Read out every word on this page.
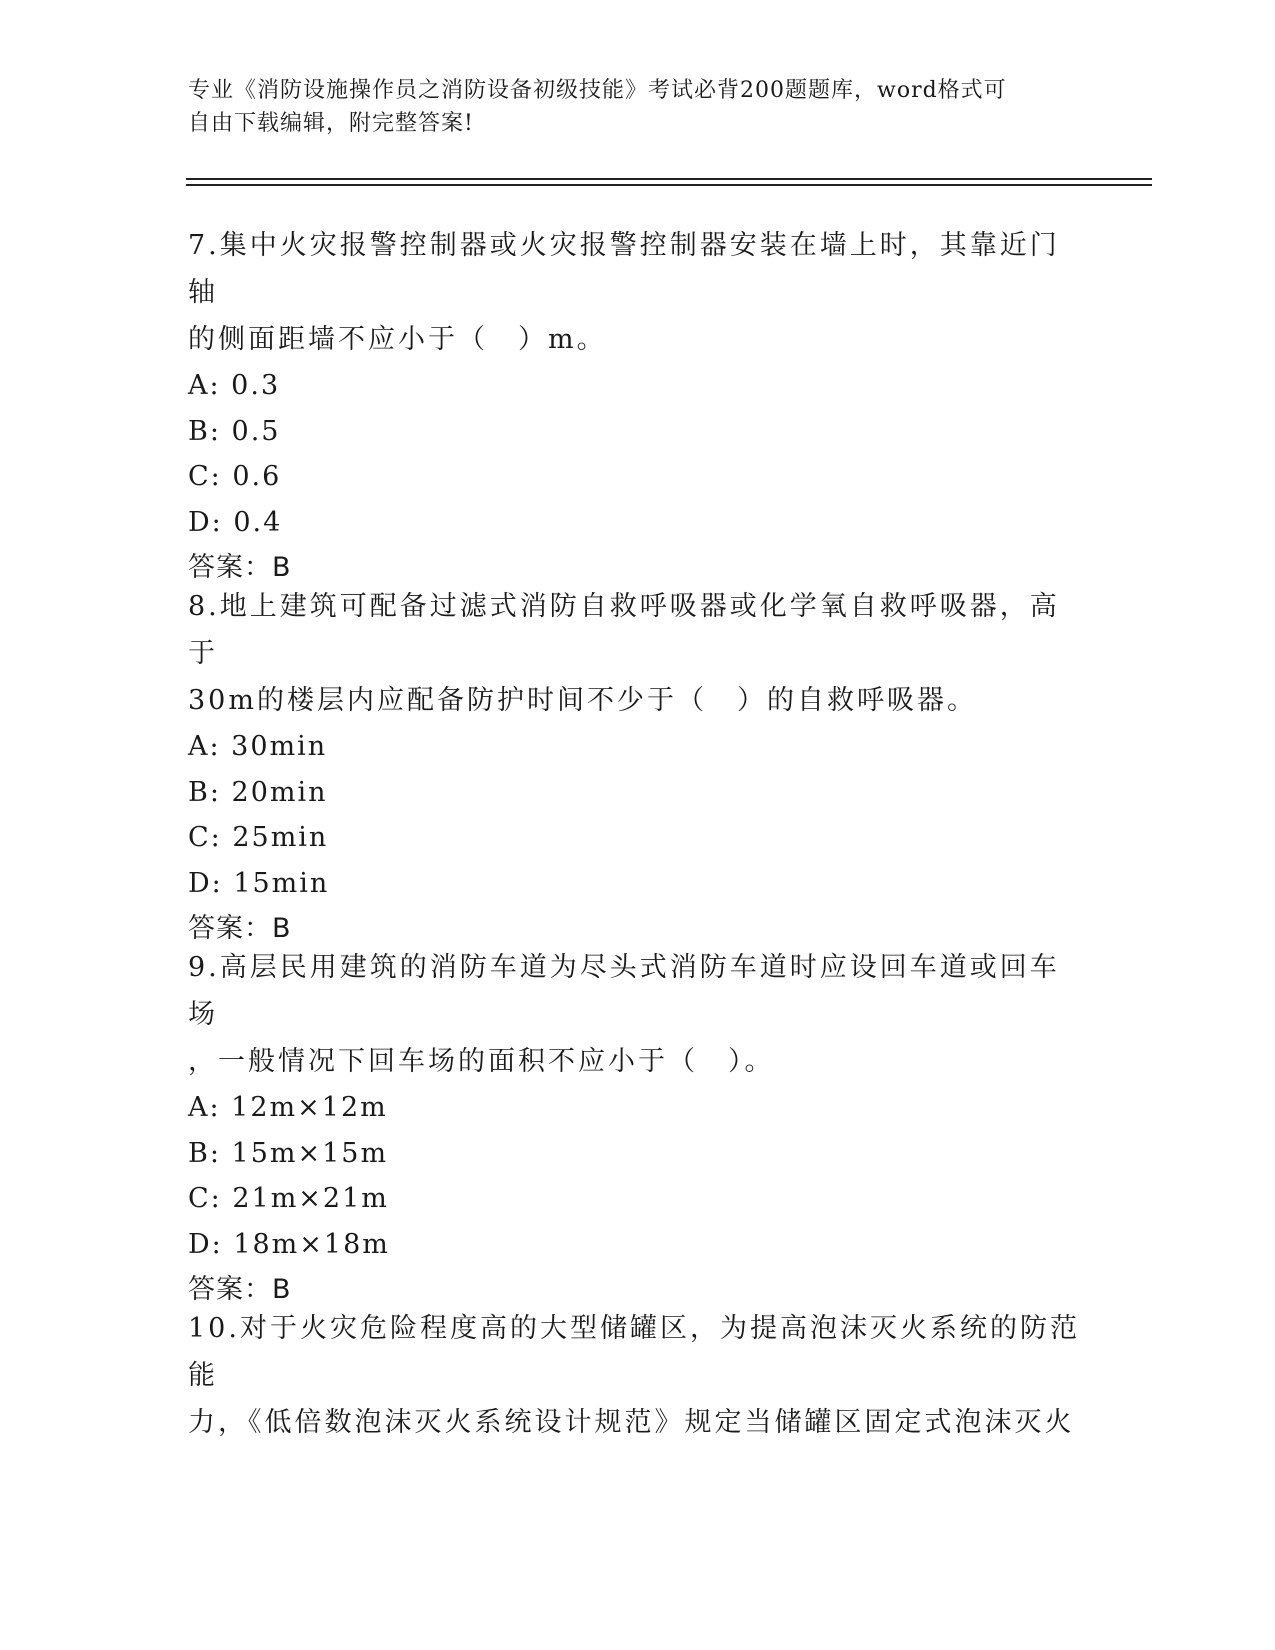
专业《消防设施操作员之消防设备初级技能》考试必背200题题库，word格式可
自由下载编辑，附完整答案!

7.集中火灾报警控制器或火灾报警控制器安装在墙上时，其靠近门轴

的侧面距墙不应小于（　）m。

A: 0.3

B: 0.5

C: 0.6

D: 0.4

答案：B

8.地上建筑可配备过滤式消防自救呼吸器或化学氧自救呼吸器，高于

30m的楼层内应配备防护时间不少于（　）的自救呼吸器。

A: 30min

B: 20min

C: 25min

D: 15min

答案：B

9.高层民用建筑的消防车道为尽头式消防车道时应设回车道或回车场

，一般情况下回车场的面积不应小于（　）。

A: 12m×12m

B: 15m×15m

C: 21m×21m

D: 18m×18m

答案：B

10.对于火灾危险程度高的大型储罐区，为提高泡沫灭火系统的防范能

力，《低倍数泡沫灭火系统设计规范》规定当储罐区固定式泡沫灭火
